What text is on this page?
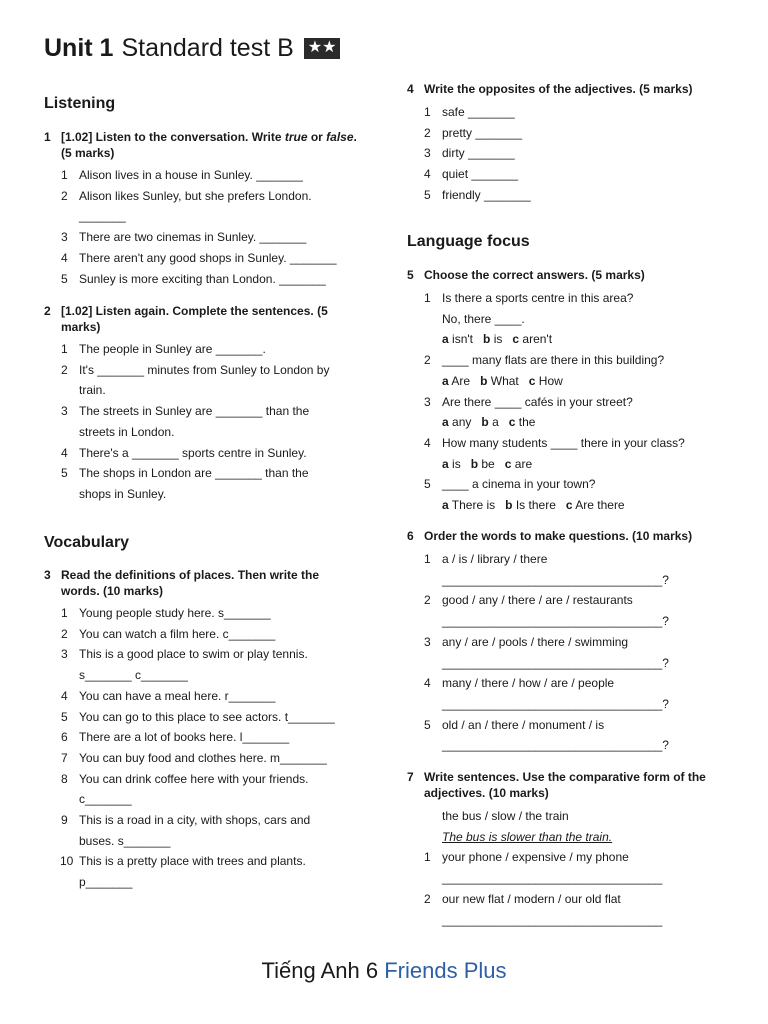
Unit 1 Standard test B ★★
Listening
1 [1.02] Listen to the conversation. Write true or false. (5 marks)
1 Alison lives in a house in Sunley. _______
2 Alison likes Sunley, but she prefers London.
_______
3 There are two cinemas in Sunley. _______
4 There aren't any good shops in Sunley. _______
5 Sunley is more exciting than London. _______
2 [1.02] Listen again. Complete the sentences. (5 marks)
1 The people in Sunley are _______.
2 It's _______ minutes from Sunley to London by
train.
3 The streets in Sunley are _______ than the
streets in London.
4 There's a _______ sports centre in Sunley.
5 The shops in London are _______ than the
shops in Sunley.
Vocabulary
3 Read the definitions of places. Then write the words. (10 marks)
1 Young people study here. s_______
2 You can watch a film here. c_______
3 This is a good place to swim or play tennis.
s_______ c_______
4 You can have a meal here. r_______
5 You can go to this place to see actors. t_______
6 There are a lot of books here. l_______
7 You can buy food and clothes here. m_______
8 You can drink coffee here with your friends.
c_______
9 This is a road in a city, with shops, cars and
buses. s_______
10 This is a pretty place with trees and plants.
p_______
4 Write the opposites of the adjectives. (5 marks)
1 safe _______
2 pretty _______
3 dirty _______
4 quiet _______
5 friendly _______
Language focus
5 Choose the correct answers. (5 marks)
1 Is there a sports centre in this area?
No, there ____.
a isn't b is c aren't
2 ____ many flats are there in this building?
a Are b What c How
3 Are there ____ cafés in your street?
a any b a c the
4 How many students ____ there in your class?
a is b be c are
5 ____ a cinema in your town?
a There is b Is there c Are there
6 Order the words to make questions. (10 marks)
1 a / is / library / there
_________________________________?
2 good / any / there / are / restaurants
_________________________________?
3 any / are / pools / there / swimming
_________________________________?
4 many / there / how / are / people
_________________________________?
5 old / an / there / monument / is
_________________________________?
7 Write sentences. Use the comparative form of the adjectives. (10 marks)
the bus / slow / the train
The bus is slower than the train.
1 your phone / expensive / my phone
_________________________________
2 our new flat / modern / our old flat
_________________________________
Tiếng Anh 6 Friends Plus
